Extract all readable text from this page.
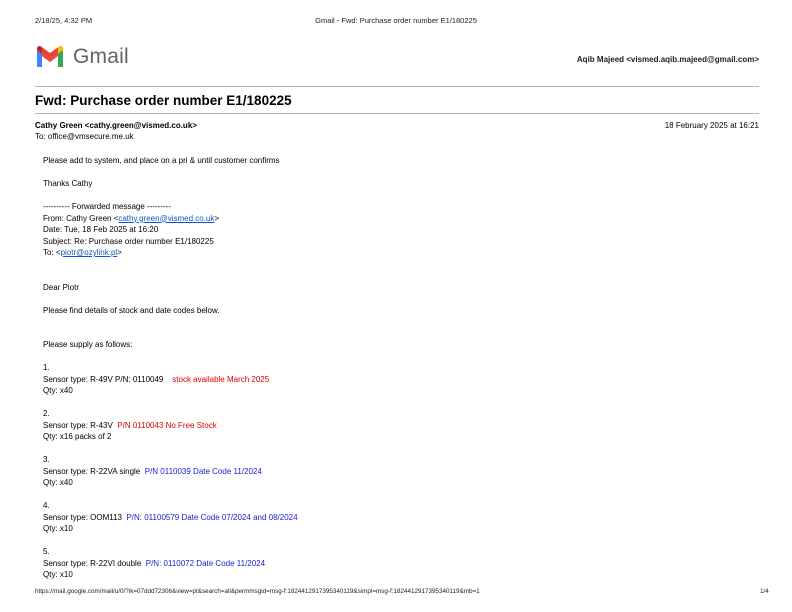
2/18/25, 4:32 PM	Gmail - Fwd: Purchase order number E1/180225
Gmail	Aqib Majeed <vismed.aqib.majeed@gmail.com>
Fwd: Purchase order number E1/180225
Cathy Green <cathy.green@vismed.co.uk>
To: office@vmsecure.me.uk
18 February 2025 at 16:21

Please add to system, and place on a pri & until customer confirms

Thanks Cathy

---------- Forwarded message ---------

From: Cathy Green <cathy.green@vismed.co.uk>

Date: Tue, 18 Feb 2025 at 16:20

Subject: Re: Purchase order number E1/180225

To: <piotr@ozylink.pl>

Dear Piotr

Please find details of stock and date codes below.

Please supply as follows:

1.

Sensor type: R-49V P/N: 0110049 stock available March 2025

Qty: x40

2.

Sensor type: R-43V P/N 0110043 No Free Stock

Qty: x16 packs of 2

3.

Sensor type: R-22VA single P/N 0110039 Date Code 11/2024

Qty: x40

4.

Sensor type: OOM113 P/N: 01100579 Date Code 07/2024 and 08/2024

Qty: x10

5.

Sensor type: R-22VI double P/N: 0110072 Date Code 11/2024

Qty: x10

https://mail.google.com/mail/u/0/?ik=07ddd72306&view=pt&search=all&permmsgid=msg-f:1824412917395340119&simpl=msg-f:1824412917395340119&mb=1	1/4
